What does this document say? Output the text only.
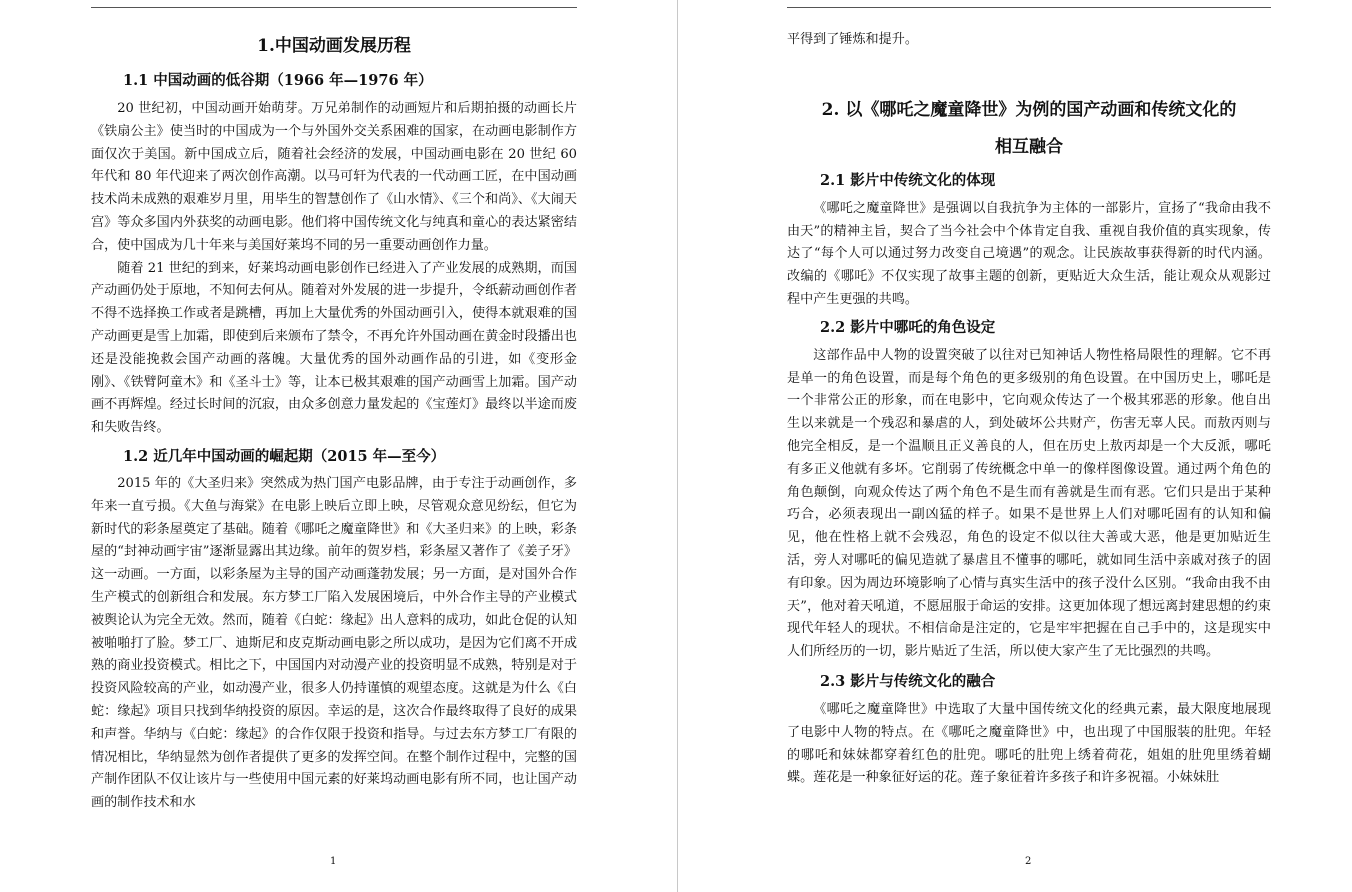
1.中国动画发展历程
1.1 中国动画的低谷期（1966 年—1976 年）

20 世纪初，中国动画开始萌芽。万兄弟制作的动画短片和后期拍摄的动画长片《铁扇公主》使当时的中国成为一个与外国外交关系困难的国家，在动画电影制作方面仅次于美国。新中国成立后，随着社会经济的发展，中国动画电影在 20 世纪 60 年代和 80 年代迎来了两次创作高潮。以马可轩为代表的一代动画工匠，在中国动画技术尚未成熟的艰难岁月里，用毕生的智慧创作了《山水情》、《三个和尚》、《大闹天宫》等众多国内外获奖的动画电影。他们将中国传统文化与纯真和童心的表达紧密结合，使中国成为几十年来与美国好莱坞不同的另一重要动画创作力量。

随着 21 世纪的到来，好莱坞动画电影创作已经进入了产业发展的成熟期，而国产动画仍处于原地，不知何去何从。随着对外发展的进一步提升，令纸薪动画创作者不得不选择换工作或者是跳槽，再加上大量优秀的外国动画引入，使得本就艰难的国产动画更是雪上加霜，即使到后来颁布了禁令，不再允许外国动画在黄金时段播出也还是没能挽救会国产动画的落魄。大量优秀的国外动画作品的引进，如《变形金刚》、《铁臂阿童木》和《圣斗士》等，让本已极其艰难的国产动画雪上加霜。国产动画不再辉煌。经过长时间的沉寂，由众多创意力量发起的《宝莲灯》最终以半途而废和失败告终。

1.2 近几年中国动画的崛起期（2015 年—至今）

2015 年的《大圣归来》突然成为热门国产电影品牌，由于专注于动画创作，多年来一直亏损。《大鱼与海棠》在电影上映后立即上映，尽管观众意见纷纭，但它为新时代的彩条屋奠定了基础。随着《哪吒之魔童降世》和《大圣归来》的上映，彩条屋的“封神动画宇宙”逐渐显露出其边缘。前年的贺岁档，彩条屋又著作了《姜子牙》这一动画。一方面，以彩条屋为主导的国产动画蓬勃发展；另一方面，是对国外合作生产模式的创新组合和发展。东方梦工厂陷入发展困境后，中外合作主导的产业模式被舆论认为完全无效。然而，随着《白蛇：缘起》出人意料的成功，如此仓促的认知被啪啪打了脸。梦工厂、迪斯尼和皮克斯动画电影之所以成功，是因为它们离不开成熟的商业投资模式。相比之下，中国国内对动漫产业的投资明显不成熟，特别是对于投资风险较高的产业，如动漫产业，很多人仍持谨慎的观望态度。这就是为什么《白蛇：缘起》项目只找到华纳投资的原因。幸运的是，这次合作最终取得了良好的成果和声誉。华纳与《白蛇：缘起》的合作仅限于投资和指导。与过去东方梦工厂有限的情况相比，华纳显然为创作者提供了更多的发挥空间。在整个制作过程中，完整的国产制作团队不仅让该片与一些使用中国元素的好莱坞动画电影有所不同，也让国产动画的制作技术和水

1

平得到了锤炼和提升。

2. 以《哪吒之魔童降世》为例的国产动画和传统文化的
相互融合
2.1 影片中传统文化的体现

《哪吒之魔童降世》是强调以自我抗争为主体的一部影片，宣扬了“我命由我不由天”的精神主旨，契合了当今社会中个体肯定自我、重视自我价值的真实现象，传达了“每个人可以通过努力改变自己境遇”的观念。让民族故事获得新的时代内涵。改编的《哪吒》不仅实现了故事主题的创新，更贴近大众生活，能让观众从观影过程中产生更强的共鸣。

2.2 影片中哪吒的角色设定

这部作品中人物的设置突破了以往对已知神话人物性格局限性的理解。它不再是单一的角色设置，而是每个角色的更多级别的角色设置。在中国历史上，哪吒是一个非常公正的形象，而在电影中，它向观众传达了一个极其邪恶的形象。他自出生以来就是一个残忍和暴虐的人，到处破坏公共财产，伤害无辜人民。而敖丙则与他完全相反，是一个温顺且正义善良的人，但在历史上敖丙却是一个大反派，哪吒有多正义他就有多坏。它削弱了传统概念中单一的像样图像设置。通过两个角色的角色颠倒，向观众传达了两个角色不是生而有善就是生而有恶。它们只是出于某种巧合，必须表现出一副凶猛的样子。如果不是世界上人们对哪吒固有的认知和偏见，他在性格上就不会残忍，角色的设定不似以往大善或大恶，他是更加贴近生活，旁人对哪吒的偏见造就了暴虐且不懂事的哪吒，就如同生活中亲戚对孩子的固有印象。因为周边环境影响了心情与真实生活中的孩子没什么区别。“我命由我不由天”，他对着天吼道，不愿屈服于命运的安排。这更加体现了想远离封建思想的约束现代年轻人的现状。不相信命是注定的，它是牢牢把握在自己手中的，这是现实中人们所经历的一切，影片贴近了生活，所以使大家产生了无比强烈的共鸣。

2.3 影片与传统文化的融合

《哪吒之魔童降世》中选取了大量中国传统文化的经典元素，最大限度地展现了电影中人物的特点。在《哪吒之魔童降世》中，也出现了中国服装的肚兜。年轻的哪吒和妹妹都穿着红色的肚兜。哪吒的肚兜上绣着荷花，姐姐的肚兜里绣着蝴蝶。莲花是一种象征好运的花。莲子象征着许多孩子和许多祝福。小妹妹肚

2
